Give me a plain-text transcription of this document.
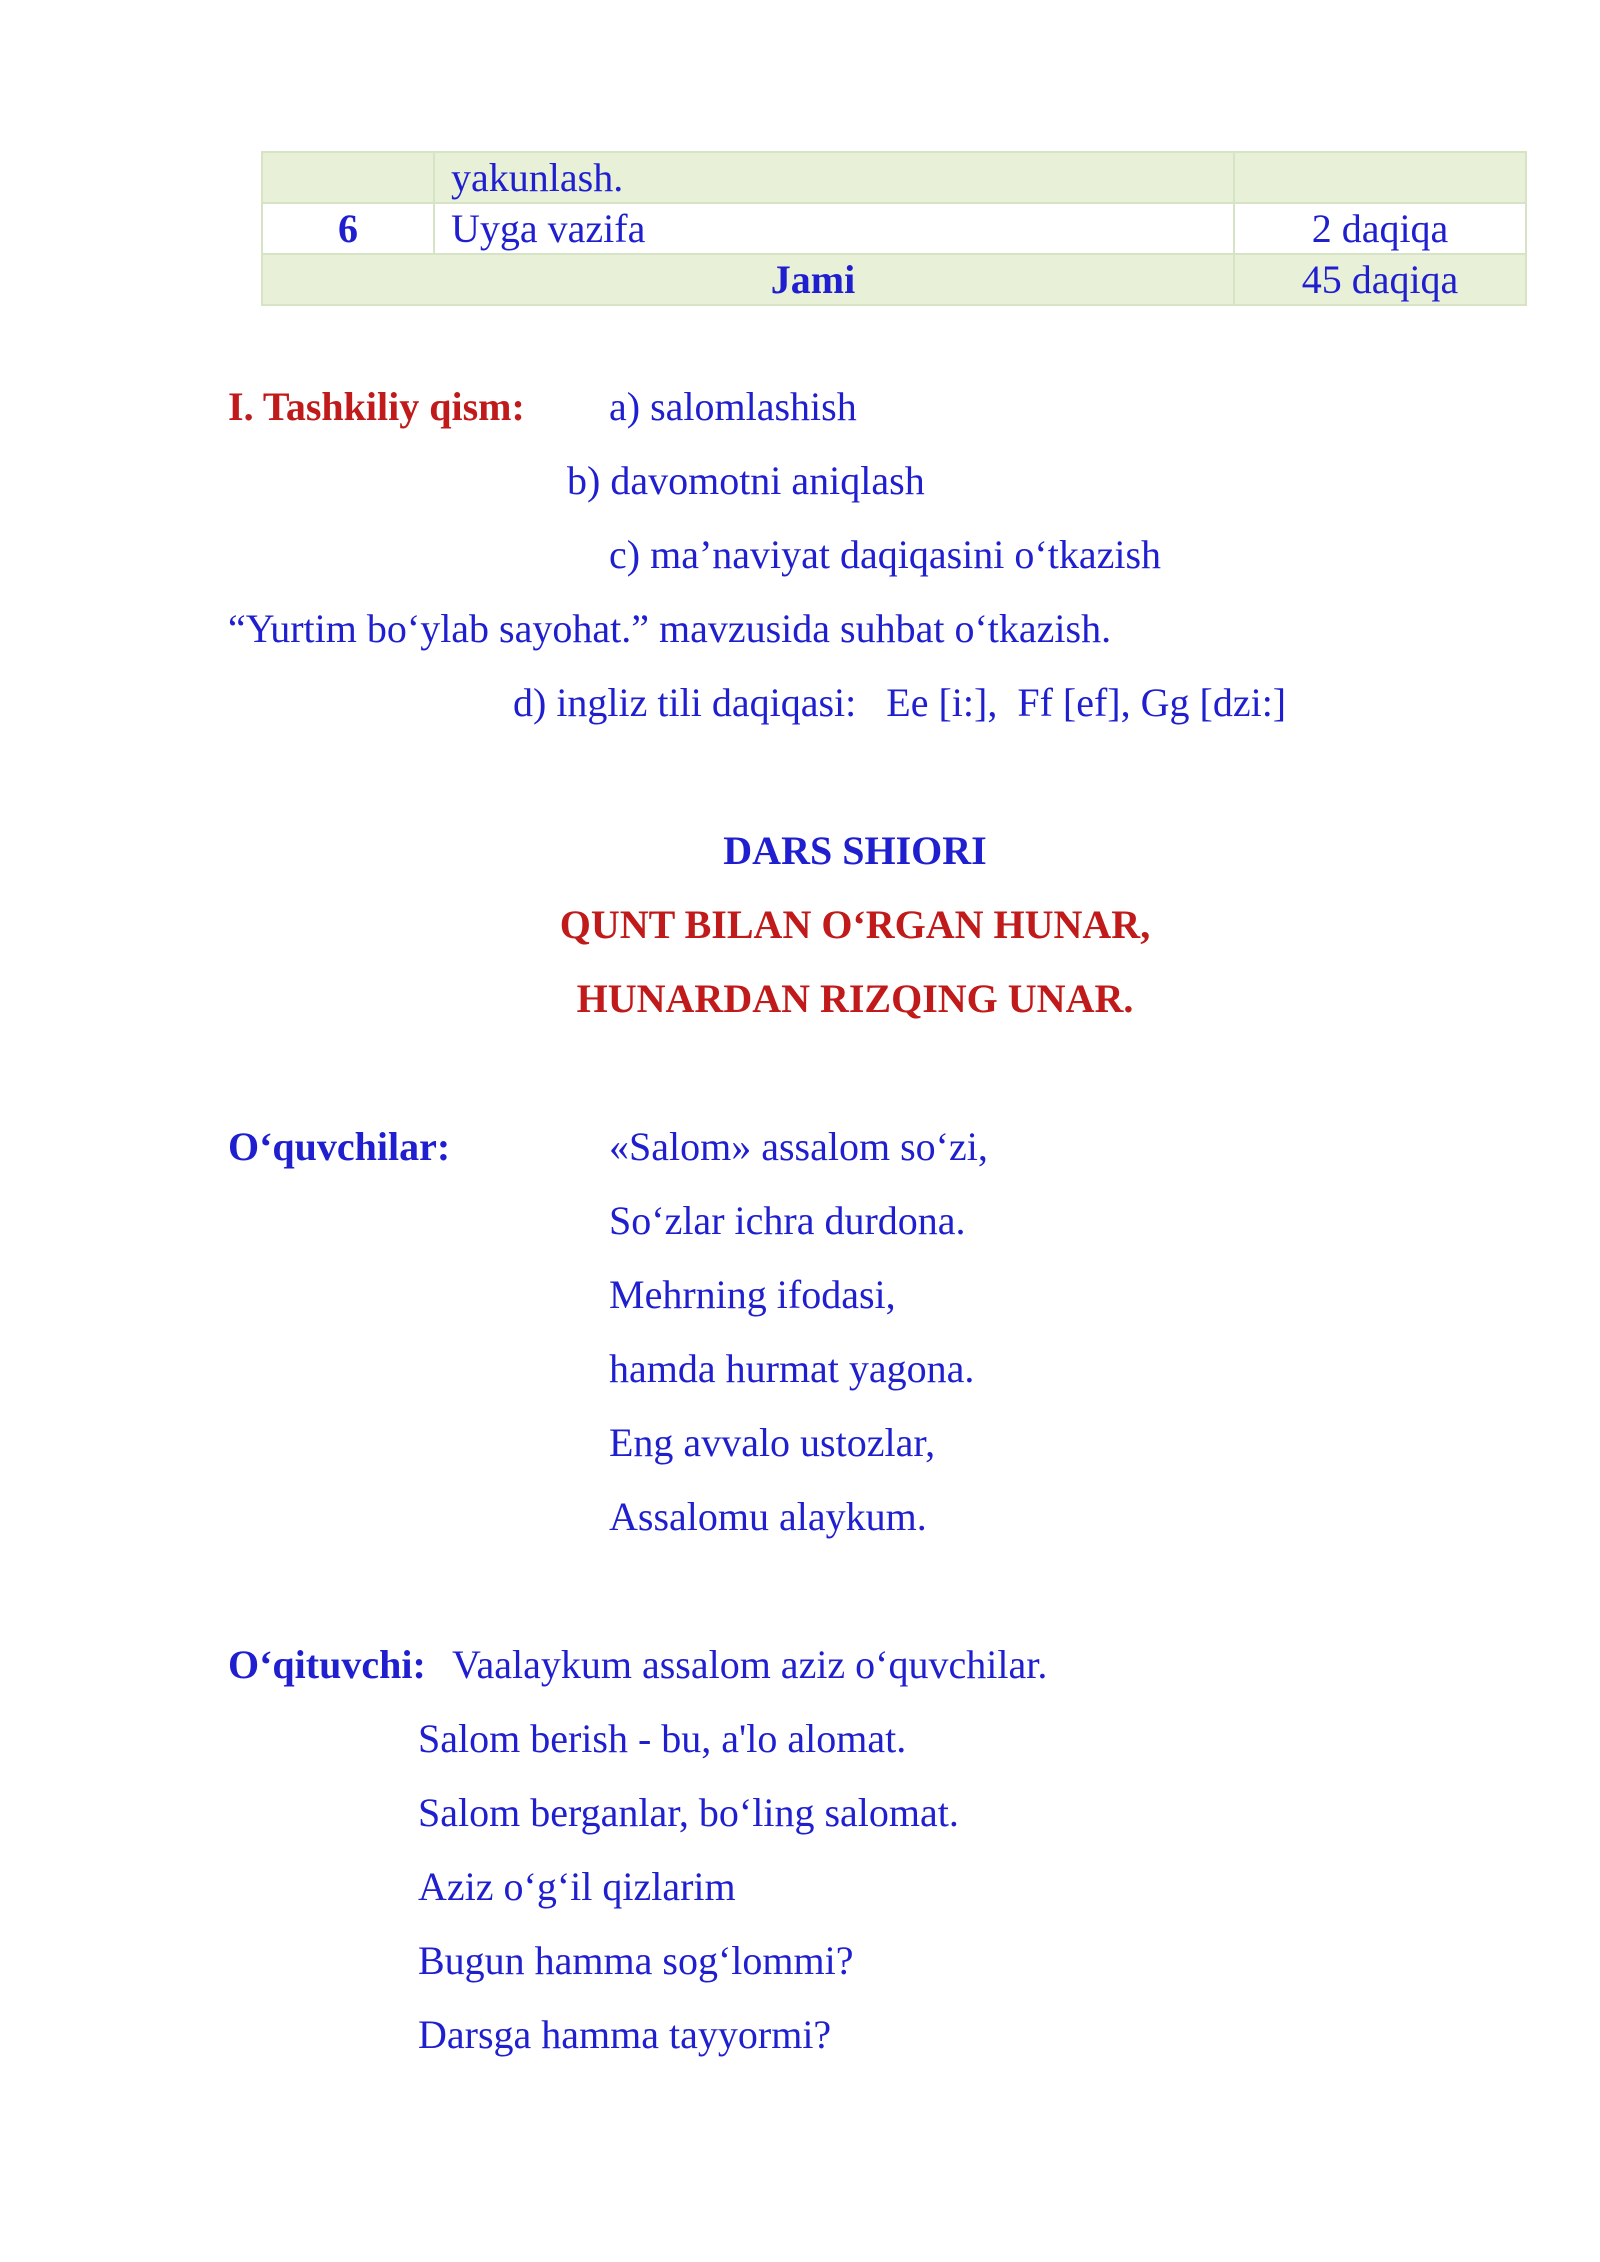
	yakunlash.	
6	Uyga vazifa	2 daqiqa
Jami		45 daqiqa
I. Tashkiliy qism: a) salomlashish
b) davomotni aniqlash
c) ma’naviyat daqiqasini o‘tkazish
“Yurtim bo‘ylab sayohat.” mavzusida suhbat o‘tkazish.
d) ingliz tili daqiqasi:   Ee [i:],  Ff [ef], Gg [dzi:]
DARS SHIORI
QUNT BILAN O‘RGAN HUNAR,
HUNARDAN RIZQING UNAR.
O‘quvchilar:	«Salom» assalom so‘zi,
So‘zlar ichra durdona.
Mehrning ifodasi,
hamda hurmat yagona.
Eng avvalo ustozlar,
Assalomu alaykum.
O‘qituvchi: Vaalaykum assalom aziz o‘quvchilar.
Salom berish - bu, a'lo alomat.
Salom berganlar, bo‘ling salomat.
Aziz o‘g‘il qizlarim
Bugun hamma sog‘lommi?
Darsga hamma tayyormi?
